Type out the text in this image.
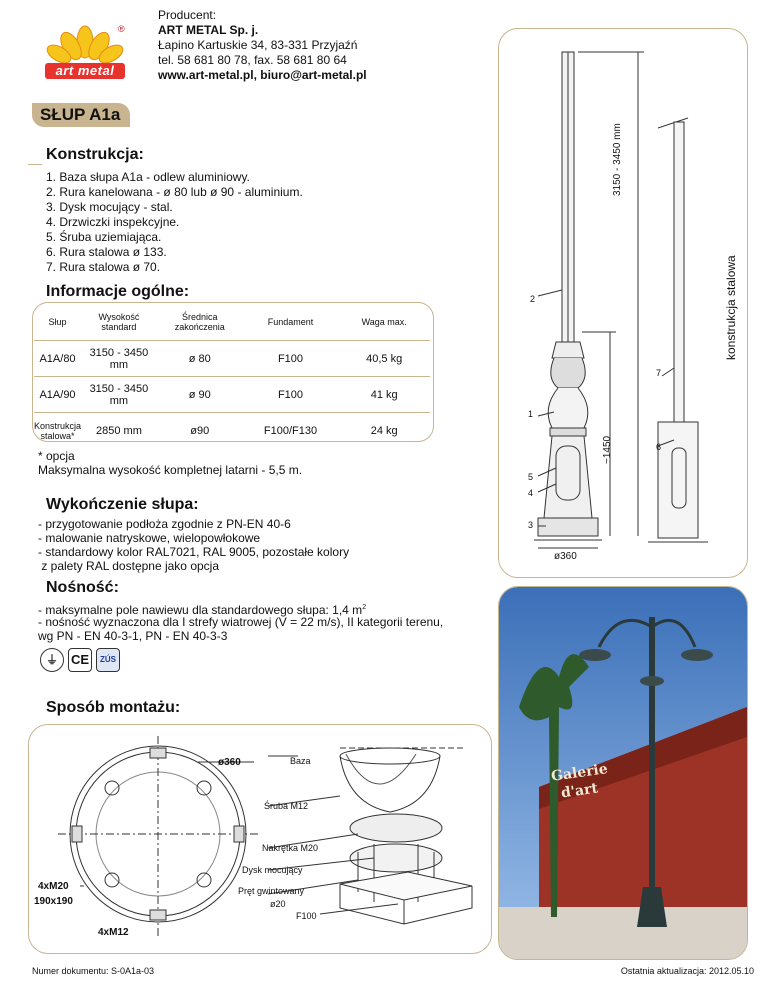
®
art metal
Producent:
ART METAL Sp. j.
Łapino Kartuskie 34, 83-331 Przyjaźń
tel. 58 681 80 78, fax. 58 681 80 64
www.art-metal.pl, biuro@art-metal.pl
SŁUP A1a
Konstrukcja:
1. Baza słupa A1a - odlew aluminiowy.
2. Rura kanelowana - ø 80 lub ø 90 - aluminium.
3. Dysk mocujący - stal.
4. Drzwiczki inspekcyjne.
5. Śruba uziemiająca.
6. Rura stalowa ø 133.
7. Rura stalowa ø 70.
Informacje ogólne:
Słup	Wysokość standard	Średnica zakończenia	Fundament	Waga max.
A1A/80	3150 - 3450 mm	ø 80	F100	40,5 kg
A1A/90	3150 - 3450 mm	ø 90	F100	41 kg
Konstrukcja stalowa*	2850 mm	ø90	F100/F130	24 kg
* opcja
Maksymalna wysokość kompletnej latarni - 5,5 m.
Wykończenie słupa:
- przygotowanie podłoża zgodnie z PN-EN 40-6
- malowanie natryskowe, wielopowłokowe
- standardowy kolor RAL7021, RAL 9005, pozostałe kolory
z palety RAL dostępne jako opcja
Nośność:
- maksymalne pole nawiewu dla standardowego słupa: 1,4 $m^2$
- nośność wyznaczona dla I strefy wiatrowej (V = 22 m/s), II kategorii terenu,
wg PN - EN 40-3-1, PN - EN 40-3-3
⏚ CE	ZÚS
Sposób montażu:
ø360
4xM20
190x190
4xM12
Baza
Śruba M12
Nakrętka M20
Dysk mocujący
Pręt gwintowany
ø20
F100
3150 - 3450 mm
~1450
ø360
konstrukcja stalowa
1
2
3
4
5
6
7
Galerie
d'art
Numer dokumentu: S-0A1a-03	Ostatnia aktualizacja: 2012.05.10
